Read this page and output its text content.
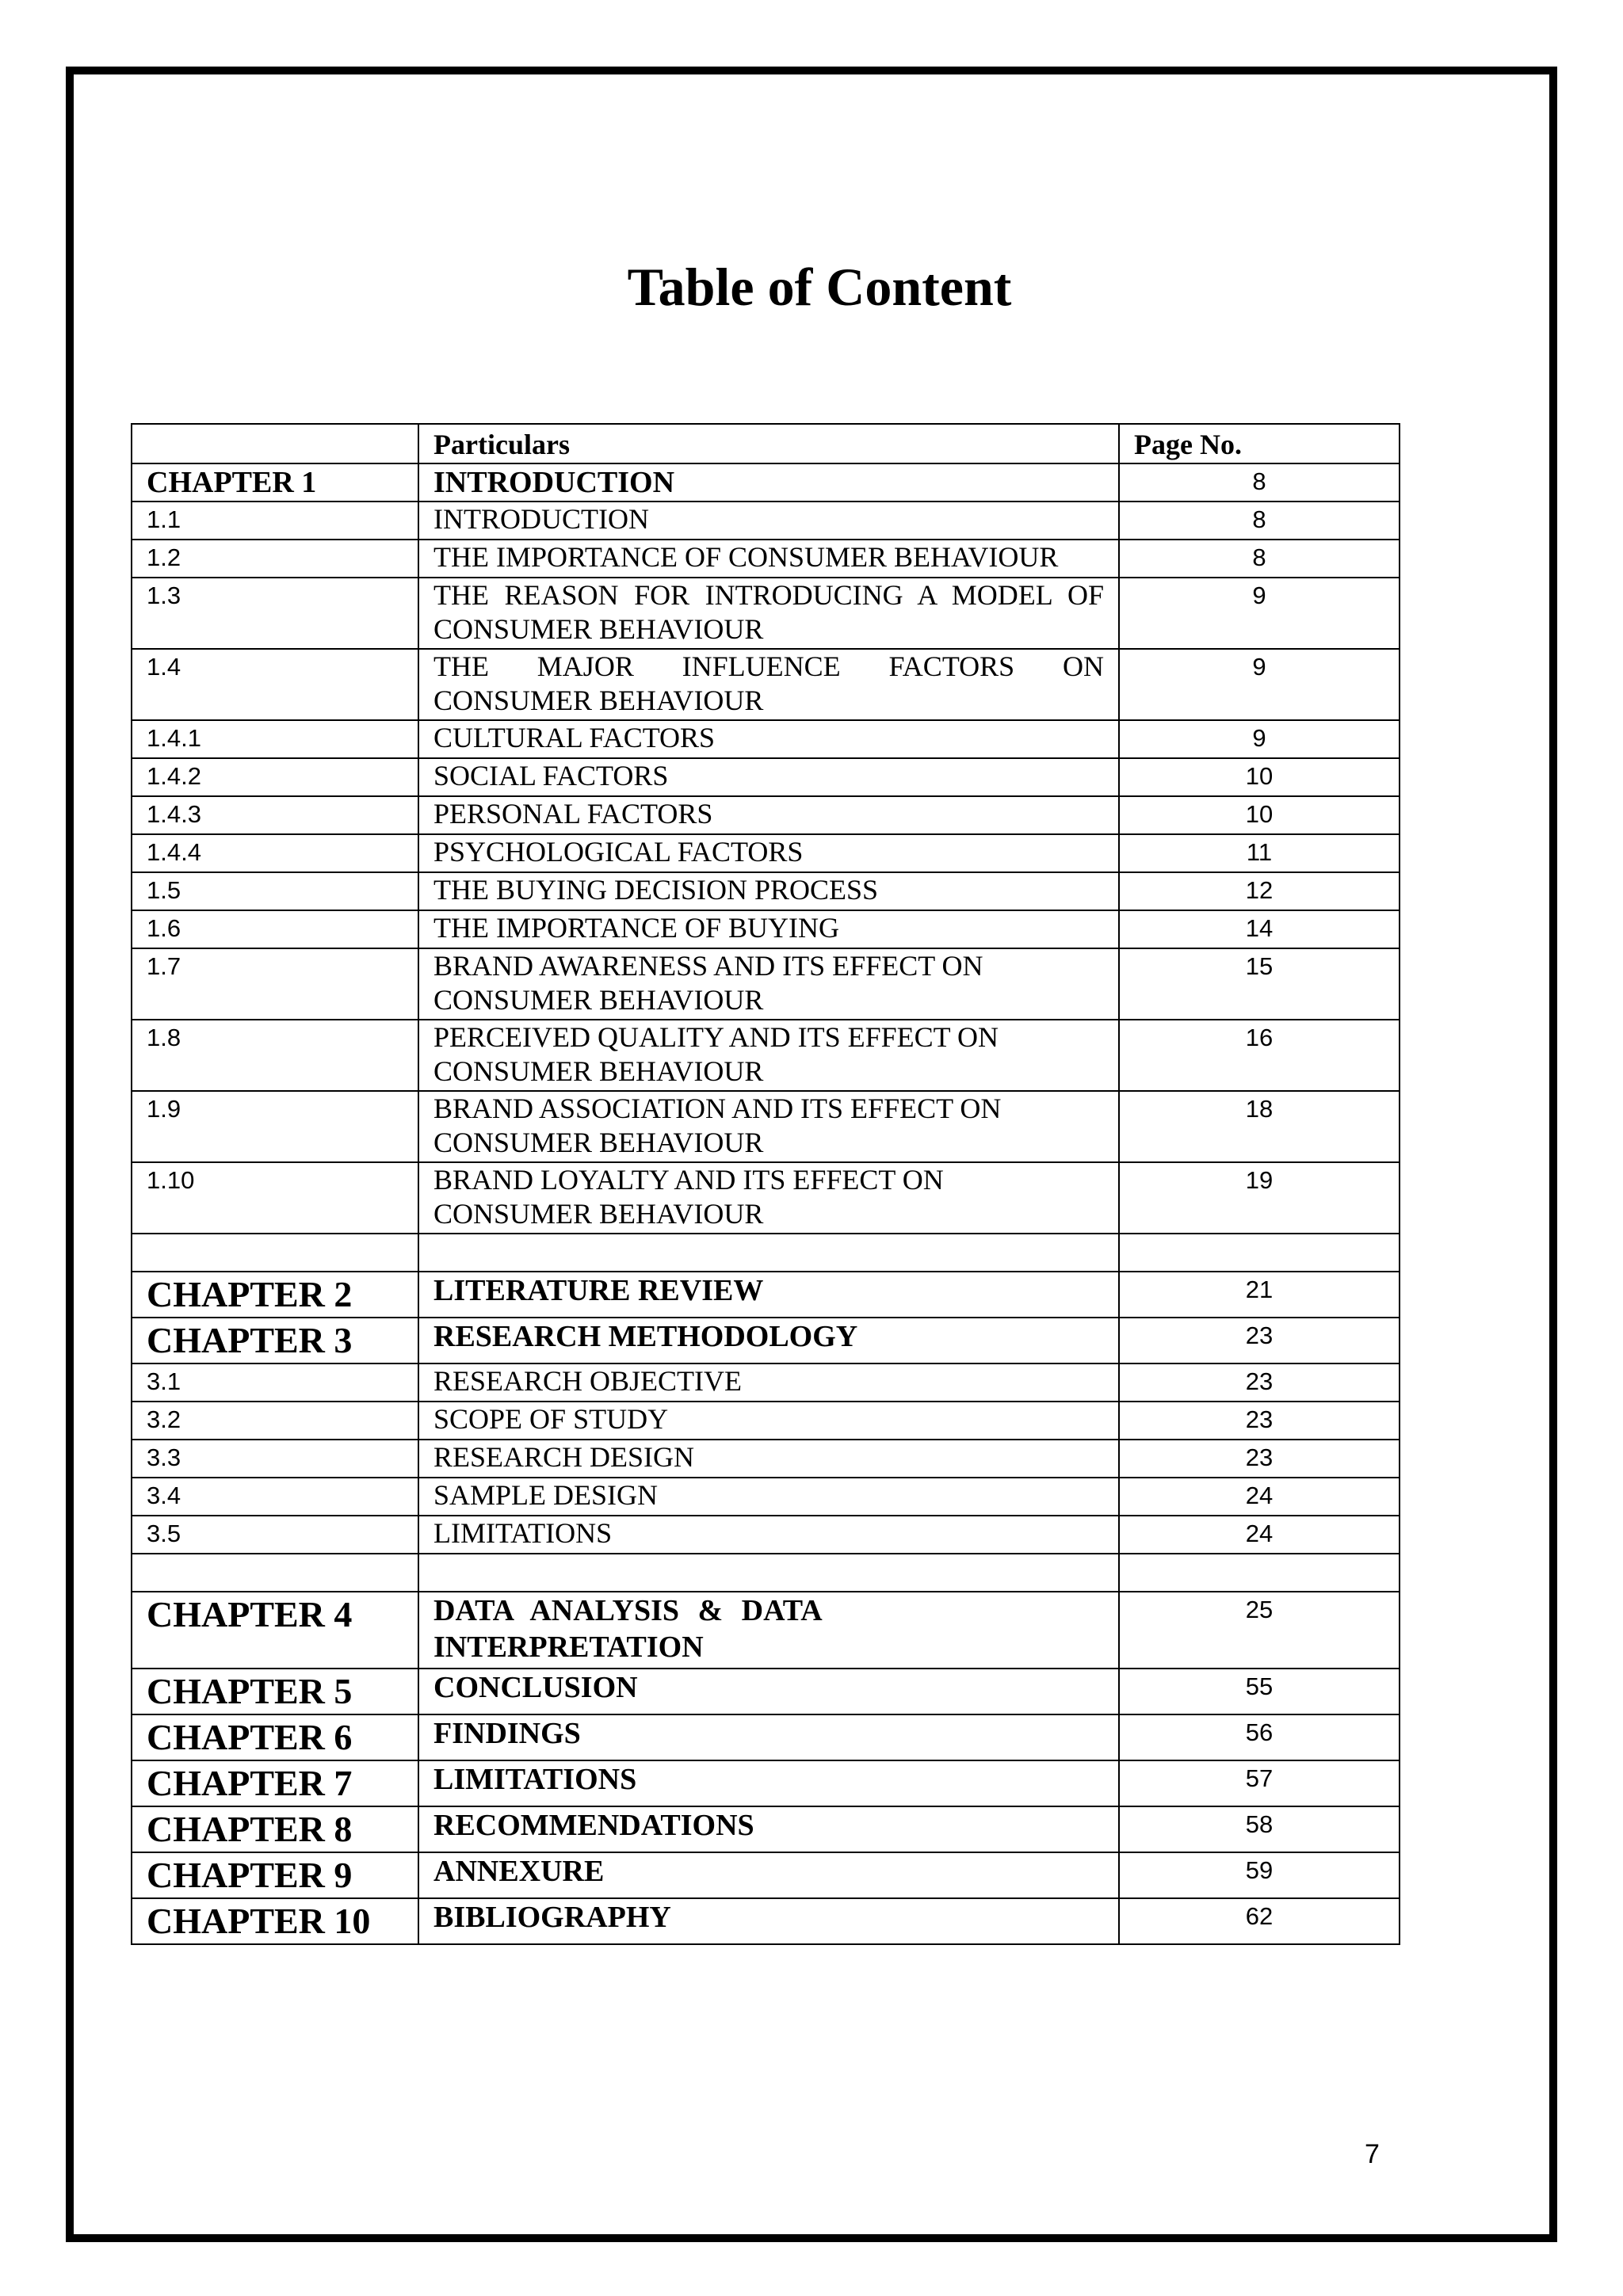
Table of Content
	Particulars	Page No.
CHAPTER 1	INTRODUCTION	8
1.1	INTRODUCTION	8
1.2	THE IMPORTANCE OF CONSUMER BEHAVIOUR	8
1.3	THE REASON FOR INTRODUCING A MODEL OF CONSUMER BEHAVIOUR	9
1.4	THE MAJOR INFLUENCE FACTORS ON CONSUMER BEHAVIOUR	9
1.4.1	CULTURAL FACTORS	9
1.4.2	SOCIAL FACTORS	10
1.4.3	PERSONAL FACTORS	10
1.4.4	PSYCHOLOGICAL FACTORS	11
1.5	THE BUYING DECISION PROCESS	12
1.6	THE IMPORTANCE OF BUYING	14
1.7	BRAND AWARENESS AND ITS EFFECT ON CONSUMER BEHAVIOUR	15
1.8	PERCEIVED QUALITY AND ITS EFFECT ON CONSUMER BEHAVIOUR	16
1.9	BRAND ASSOCIATION AND ITS EFFECT ON CONSUMER BEHAVIOUR	18
1.10	BRAND LOYALTY AND ITS EFFECT ON CONSUMER BEHAVIOUR	19

CHAPTER 2	LITERATURE REVIEW	21
CHAPTER 3	RESEARCH METHODOLOGY	23
3.1	RESEARCH OBJECTIVE	23
3.2	SCOPE OF STUDY	23
3.3	RESEARCH DESIGN	23
3.4	SAMPLE DESIGN	24
3.5	LIMITATIONS	24

CHAPTER 4	DATA ANALYSIS & DATA INTERPRETATION	25
CHAPTER 5	CONCLUSION	55
CHAPTER 6	FINDINGS	56
CHAPTER 7	LIMITATIONS	57
CHAPTER 8	RECOMMENDATIONS	58
CHAPTER 9	ANNEXURE	59
CHAPTER 10	BIBLIOGRAPHY	62
7
